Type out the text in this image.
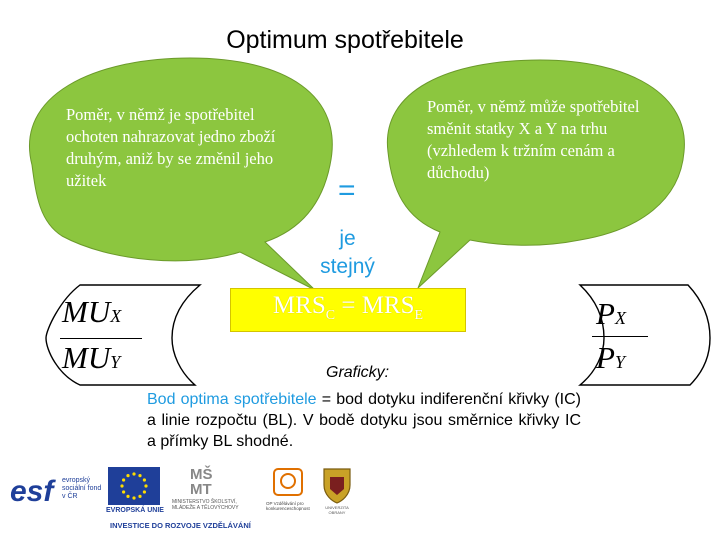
Optimum spotřebitele
Poměr, v němž je spotřebitel ochoten nahrazovat jedno zboží druhým, aniž by se změnil jeho užitek
Poměr, v němž může spotřebitel směnit statky X a Y na trhu (vzhledem k tržním cenám a důchodu)
=
je
stejný
$MRS_C = MRS_E$
MUX
MUY
PX
PY
Graficky:
Bod optima spotřebitele = bod dotyku indiferenční křivky (IC) a linie rozpočtu (BL). V bodě dotyku jsou směrnice křivky IC a přímky BL shodné.
esf evropský sociální fond v ČR
EVROPSKÁ UNIE
MŠ MT
MINISTERSTVO ŠKOLSTVÍ, MLÁDEŽE A TĚLOVÝCHOVY
OP Vzdělávání pro konkurenceschopnost	UNIVERZITA OBRANY
INVESTICE DO ROZVOJE VZDĚLÁVÁNÍ
